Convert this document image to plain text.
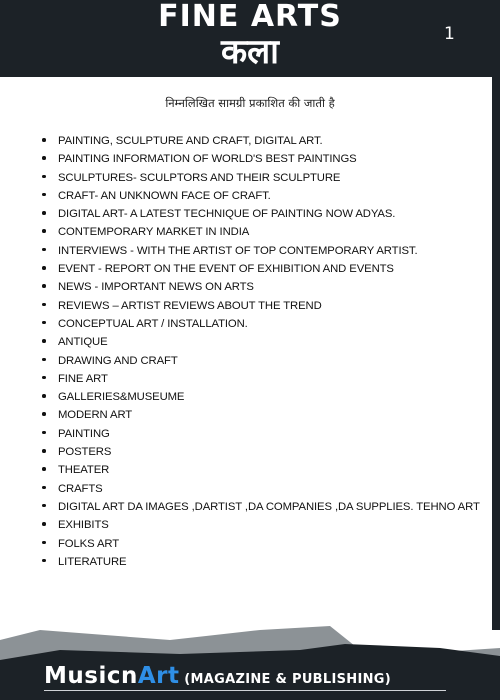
FINE ARTS
कला	1
निम्नलिखित सामग्री प्रकाशित की जाती है
PAINTING, SCULPTURE AND CRAFT, DIGITAL ART.
PAINTING INFORMATION OF WORLD'S BEST PAINTINGS
SCULPTURES- SCULPTORS AND THEIR SCULPTURE
CRAFT- AN UNKNOWN FACE OF CRAFT.
DIGITAL ART- A LATEST TECHNIQUE OF PAINTING NOW ADYAS.
CONTEMPORARY MARKET IN INDIA
INTERVIEWS - WITH THE ARTIST OF TOP CONTEMPORARY ARTIST.
EVENT - REPORT ON THE EVENT OF EXHIBITION AND EVENTS
NEWS - IMPORTANT NEWS ON ARTS
REVIEWS – ARTIST REVIEWS ABOUT THE TREND
CONCEPTUAL ART / INSTALLATION.
ANTIQUE
DRAWING AND CRAFT
FINE ART
GALLERIES&MUSEUME
MODERN ART
PAINTING
POSTERS
THEATER
CRAFTS
DIGITAL ART DA IMAGES ,DARTIST ,DA COMPANIES ,DA SUPPLIES. TEHNO ART
EXHIBITS
FOLKS ART
LITERATURE
MusicnArt (MAGAZINE & PUBLISHING)
